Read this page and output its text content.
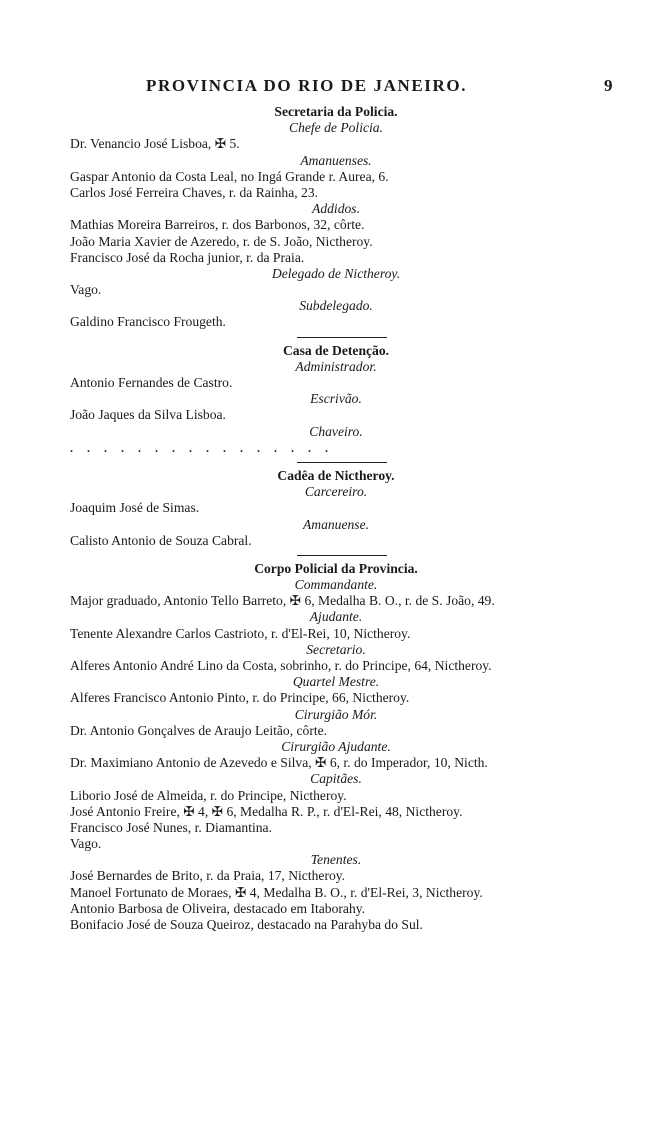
PROVINCIA DO RIO DE JANEIRO.	9
Secretaria da Policia.
Chefe de Policia.
Dr. Venancio José Lisboa, ✠ 5.
Amanuenses.
Gaspar Antonio da Costa Leal, no Ingá Grande r. Aurea, 6.
Carlos José Ferreira Chaves, r. da Rainha, 23.
Addidos.
Mathias Moreira Barreiros, r. dos Barbonos, 32, côrte.
João Maria Xavier de Azeredo, r. de S. João, Nictheroy.
Francisco José da Rocha junior, r. da Praia.
Delegado de Nictheroy.
Vago.
Subdelegado.
Galdino Francisco Frougeth.
Casa de Detenção.
Administrador.
Antonio Fernandes de Castro.
Escrivão.
João Jaques da Silva Lisboa.
Chaveiro.
................
Cadêa de Nictheroy.
Carcereiro.
Joaquim José de Simas.
Amanuense.
Calisto Antonio de Souza Cabral.
Corpo Policial da Provincia.
Commandante.
Major graduado, Antonio Tello Barreto, ✠ 6, Medalha B. O., r. de S. João, 49.
Ajudante.
Tenente Alexandre Carlos Castrioto, r. d'El-Rei, 10, Nictheroy.
Secretario.
Alferes Antonio André Lino da Costa, sobrinho, r. do Principe, 64, Nictheroy.
Quartel Mestre.
Alferes Francisco Antonio Pinto, r. do Principe, 66, Nictheroy.
Cirurgião Mór.
Dr. Antonio Gonçalves de Araujo Leitão, côrte.
Cirurgião Ajudante.
Dr. Maximiano Antonio de Azevedo e Silva, ✠ 6, r. do Imperador, 10, Nicth.
Capitães.
Liborio José de Almeida, r. do Principe, Nictheroy.
José Antonio Freire, ✠ 4, ✠ 6, Medalha R. P., r. d'El-Rei, 48, Nictheroy.
Francisco José Nunes, r. Diamantina.
Vago.
Tenentes.
José Bernardes de Brito, r. da Praia, 17, Nictheroy.
Manoel Fortunato de Moraes, ✠ 4, Medalha B. O., r. d'El-Rei, 3, Nictheroy.
Antonio Barbosa de Oliveira, destacado em Itaborahy.
Bonifacio José de Souza Queiroz, destacado na Parahyba do Sul.
